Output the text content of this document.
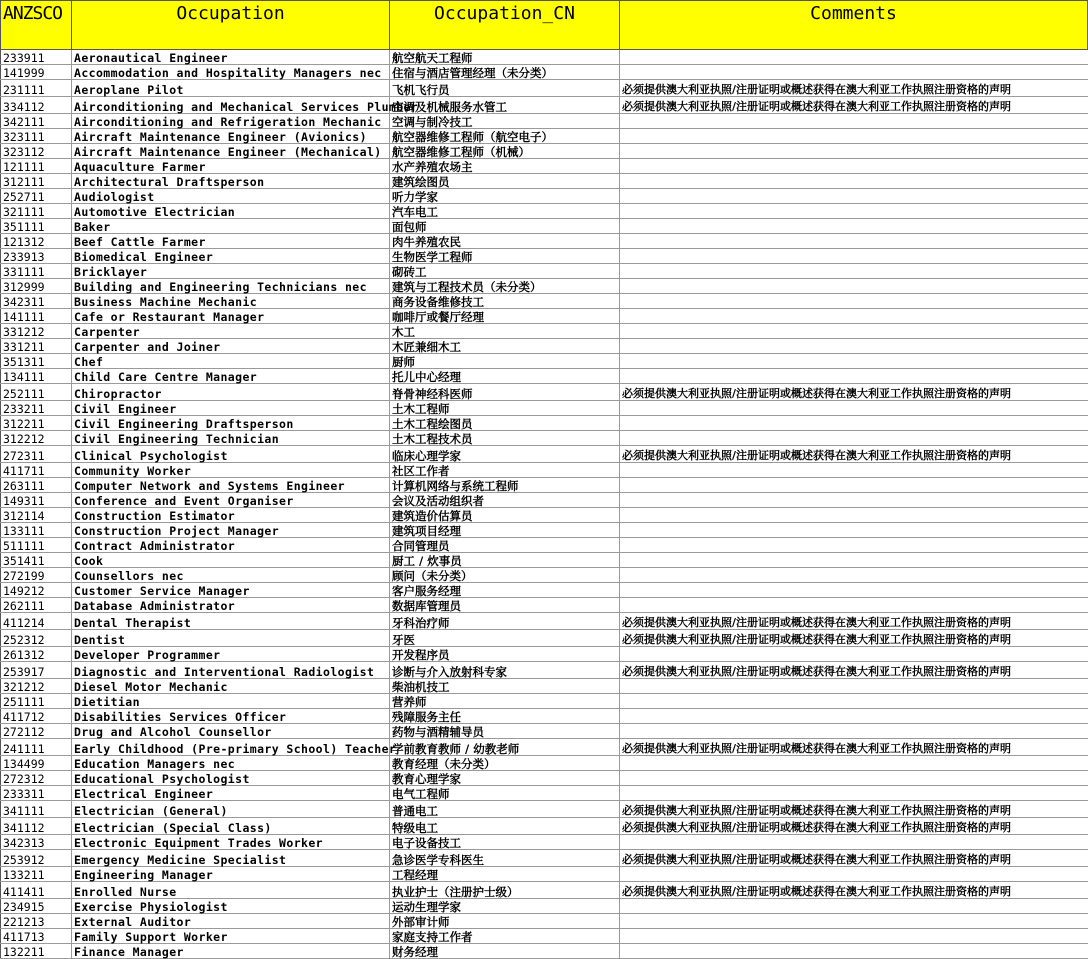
ANZSCO	Occupation	Occupation_CN	Comments
233911	Aeronautical Engineer	航空航天工程师	
141999	Accommodation and Hospitality Managers nec	住宿与酒店管理经理（未分类）	
231111	Aeroplane Pilot	飞机飞行员	必须提供澳大利亚执照/注册证明或概述获得在澳大利亚工作执照注册资格的声明
334112	Airconditioning and Mechanical Services Plumber	空调及机械服务水管工	必须提供澳大利亚执照/注册证明或概述获得在澳大利亚工作执照注册资格的声明
342111	Airconditioning and Refrigeration Mechanic	空调与制冷技工	
323111	Aircraft Maintenance Engineer (Avionics)	航空器维修工程师（航空电子）	
323112	Aircraft Maintenance Engineer (Mechanical)	航空器维修工程师（机械）	
121111	Aquaculture Farmer	水产养殖农场主	
312111	Architectural Draftsperson	建筑绘图员	
252711	Audiologist	听力学家	
321111	Automotive Electrician	汽车电工	
351111	Baker	面包师	
121312	Beef Cattle Farmer	肉牛养殖农民	
233913	Biomedical Engineer	生物医学工程师	
331111	Bricklayer	砌砖工	
312999	Building and Engineering Technicians nec	建筑与工程技术员（未分类）	
342311	Business Machine Mechanic	商务设备维修技工	
141111	Cafe or Restaurant Manager	咖啡厅或餐厅经理	
331212	Carpenter	木工	
331211	Carpenter and Joiner	木匠兼细木工	
351311	Chef	厨师	
134111	Child Care Centre Manager	托儿中心经理	
252111	Chiropractor	脊骨神经科医师	必须提供澳大利亚执照/注册证明或概述获得在澳大利亚工作执照注册资格的声明
233211	Civil Engineer	土木工程师	
312211	Civil Engineering Draftsperson	土木工程绘图员	
312212	Civil Engineering Technician	土木工程技术员	
272311	Clinical Psychologist	临床心理学家	必须提供澳大利亚执照/注册证明或概述获得在澳大利亚工作执照注册资格的声明
411711	Community Worker	社区工作者	
263111	Computer Network and Systems Engineer	计算机网络与系统工程师	
149311	Conference and Event Organiser	会议及活动组织者	
312114	Construction Estimator	建筑造价估算员	
133111	Construction Project Manager	建筑项目经理	
511111	Contract Administrator	合同管理员	
351411	Cook	厨工 / 炊事员	
272199	Counsellors nec	顾问（未分类）	
149212	Customer Service Manager	客户服务经理	
262111	Database Administrator	数据库管理员	
411214	Dental Therapist	牙科治疗师	必须提供澳大利亚执照/注册证明或概述获得在澳大利亚工作执照注册资格的声明
252312	Dentist	牙医	必须提供澳大利亚执照/注册证明或概述获得在澳大利亚工作执照注册资格的声明
261312	Developer Programmer	开发程序员	
253917	Diagnostic and Interventional Radiologist	诊断与介入放射科专家	必须提供澳大利亚执照/注册证明或概述获得在澳大利亚工作执照注册资格的声明
321212	Diesel Motor Mechanic	柴油机技工	
251111	Dietitian	营养师	
411712	Disabilities Services Officer	残障服务主任	
272112	Drug and Alcohol Counsellor	药物与酒精辅导员	
241111	Early Childhood (Pre-primary School) Teacher	学前教育教师 / 幼教老师	必须提供澳大利亚执照/注册证明或概述获得在澳大利亚工作执照注册资格的声明
134499	Education Managers nec	教育经理（未分类）	
272312	Educational Psychologist	教育心理学家	
233311	Electrical Engineer	电气工程师	
341111	Electrician (General)	普通电工	必须提供澳大利亚执照/注册证明或概述获得在澳大利亚工作执照注册资格的声明
341112	Electrician (Special Class)	特级电工	必须提供澳大利亚执照/注册证明或概述获得在澳大利亚工作执照注册资格的声明
342313	Electronic Equipment Trades Worker	电子设备技工	
253912	Emergency Medicine Specialist	急诊医学专科医生	必须提供澳大利亚执照/注册证明或概述获得在澳大利亚工作执照注册资格的声明
133211	Engineering Manager	工程经理	
411411	Enrolled Nurse	执业护士（注册护士级）	必须提供澳大利亚执照/注册证明或概述获得在澳大利亚工作执照注册资格的声明
234915	Exercise Physiologist	运动生理学家	
221213	External Auditor	外部审计师	
411713	Family Support Worker	家庭支持工作者	
132211	Finance Manager	财务经理	
